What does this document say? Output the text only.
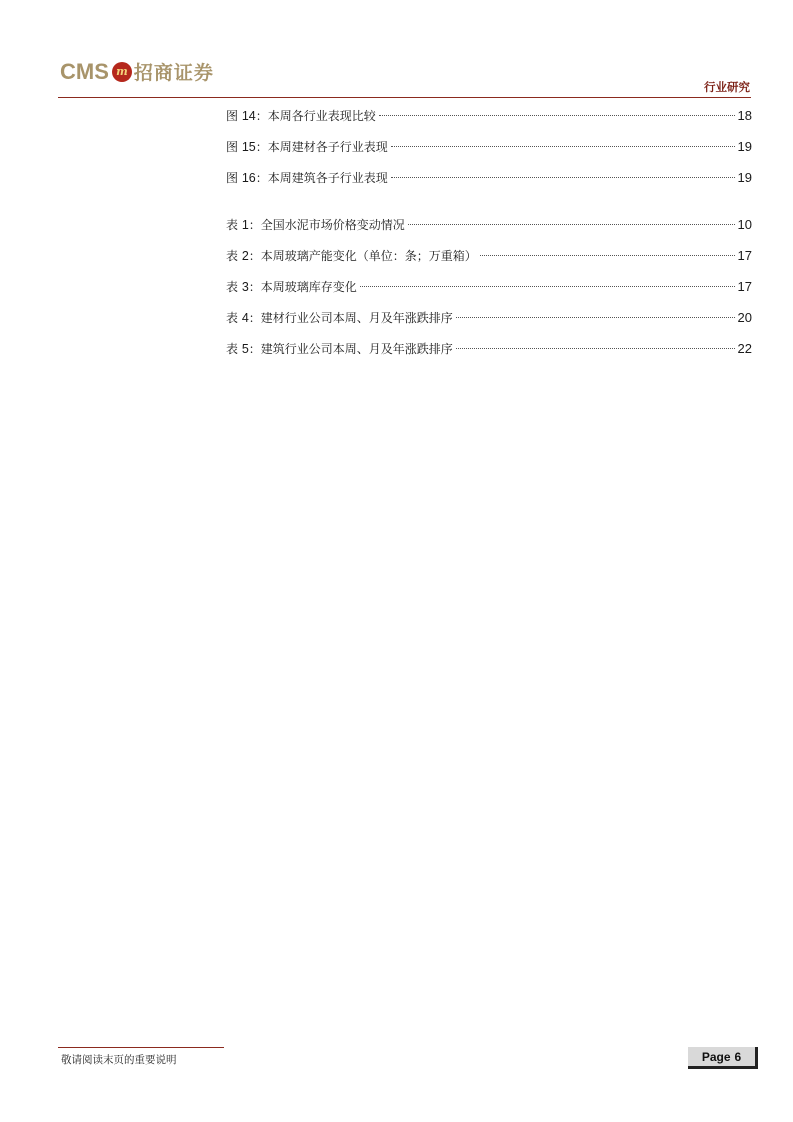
CMS m 招商证券
行业研究
图 14：本周各行业表现比较	18
图 15：本周建材各子行业表现	19
图 16：本周建筑各子行业表现	19
表 1：全国水泥市场价格变动情况	10
表 2：本周玻璃产能变化（单位：条；万重箱）	17
表 3：本周玻璃库存变化	17
表 4：建材行业公司本周、月及年涨跌排序	20
表 5：建筑行业公司本周、月及年涨跌排序	22
敬请阅读末页的重要说明	Page 6
